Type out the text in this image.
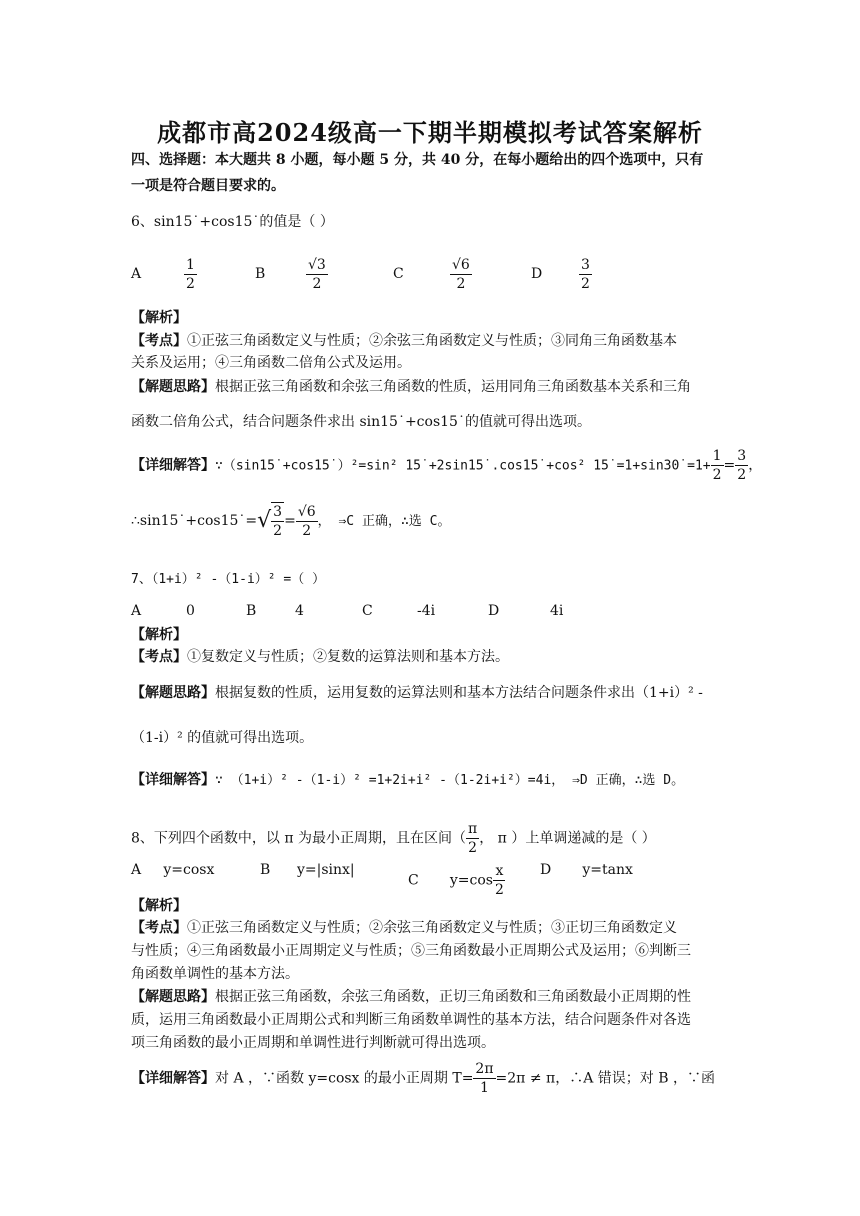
成都市高2024级高一下期半期模拟考试答案解析
四、选择题：本大题共 8 小题，每小题 5 分，共 40 分，在每小题给出的四个选项中，只有
一项是符合题目要求的。
6、sin15˙+cos15˙的值是（ ）
A	$\frac{1}{2}$	B	$\frac{√3}{2}$	C	$\frac{√6}{2}$	D	$\frac{3}{2}$
【解析】
【考点】①正弦三角函数定义与性质；②余弦三角函数定义与性质；③同角三角函数基本
关系及运用；④三角函数二倍角公式及运用。
【解题思路】根据正弦三角函数和余弦三角函数的性质，运用同角三角函数基本关系和三角
函数二倍角公式，结合问题条件求出 sin15˙+cos15˙的值就可得出选项。
【详细解答】∵（sin15˙+cos15˙）²=sin² 15˙+2sin15˙.cos15˙+cos² 15˙=1+sin30˙=1+ $\frac{1}{2} = \frac{3}{2}$ ，
∴sin15˙+cos15˙=√ $\frac{3}{2} = \frac{√6}{2}$ ， ⇒C 正确，∴选 C。
7、（1+i）² -（1-i）² =（ ）
A	0	B	4	C	-4i	D	4i
【解析】
【考点】①复数定义与性质；②复数的运算法则和基本方法。
【解题思路】根据复数的性质，运用复数的运算法则和基本方法结合问题条件求出（1+i）² -
（1-i）² 的值就可得出选项。
【详细解答】∵ （1+i）² -（1-i）² =1+2i+i² -（1-2i+i²）=4i， ⇒D 正确，∴选 D。
8、下列四个函数中，以 π 为最小正周期，且在区间（ $\frac{\pi}{2}$ ， π ）上单调递减的是（ ）
A     y=cosx	B      y=|sinx|
C       $y=\cos \frac{x}{2}$ D       y=tanx
【解析】
【考点】①正弦三角函数定义与性质；②余弦三角函数定义与性质；③正切三角函数定义
与性质；④三角函数最小正周期定义与性质；⑤三角函数最小正周期公式及运用；⑥判断三
角函数单调性的基本方法。
【解题思路】根据正弦三角函数，余弦三角函数，正切三角函数和三角函数最小正周期的性
质，运用三角函数最小正周期公式和判断三角函数单调性的基本方法，结合问题条件对各选
项三角函数的最小正周期和单调性进行判断就可得出选项。
【详细解答】对 A ，∵函数 y=cosx 的最小正周期 $T= \frac{2\pi}{1} =2\pi \ne \pi$，∴A 错误；对 B ，∵函
